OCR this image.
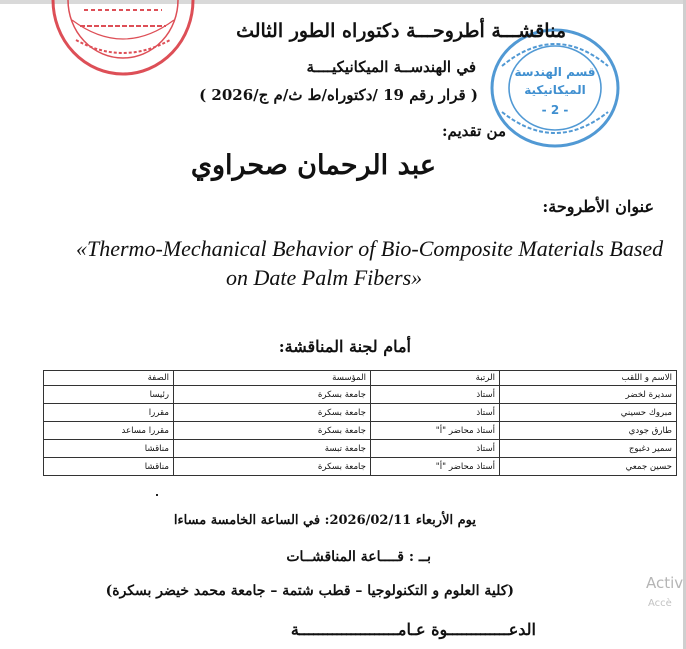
قسم الهندسة
الميكانيكية
- 2 -
مناقشـــة أطروحـــة دكتوراه الطور الثالث
في الهندســة الميكانيكيــــة
( قرار رقم 19 /دكتوراه/ط ث/م ج/2026 )
من تقديم:
عبد الرحمان صحراوي
عنوان الأطروحة:
«Thermo-Mechanical Behavior of Bio-Composite Materials Based
on Date Palm Fibers»
أمام لجنة المناقشة:
الاسم و اللقب	الرتبة	المؤسسة	الصفة
سديرة لخضر	أستاذ	جامعة بسكرة	رئيسا
مبروك حسيني	أستاذ	جامعة بسكرة	مقررا
طارق جودي	أستاذ محاضر "أ"	جامعة بسكرة	مقررا مساعد
سمير دغبوج	أستاذ	جامعة تبسة	مناقشا
حسين جمعي	أستاذ محاضر "أ"	جامعة بسكرة	مناقشا
يوم الأربعاء 2026/02/11: في الساعة الخامسة مساءا
بــ : قــــاعة المناقشــات
(كلية العلوم و التكنولوجيا – قطب شتمة – جامعة محمد خيضر بسكرة)
الدعـــــــــــــوة عـامـــــــــــــــــــــة
Activ
Accè
